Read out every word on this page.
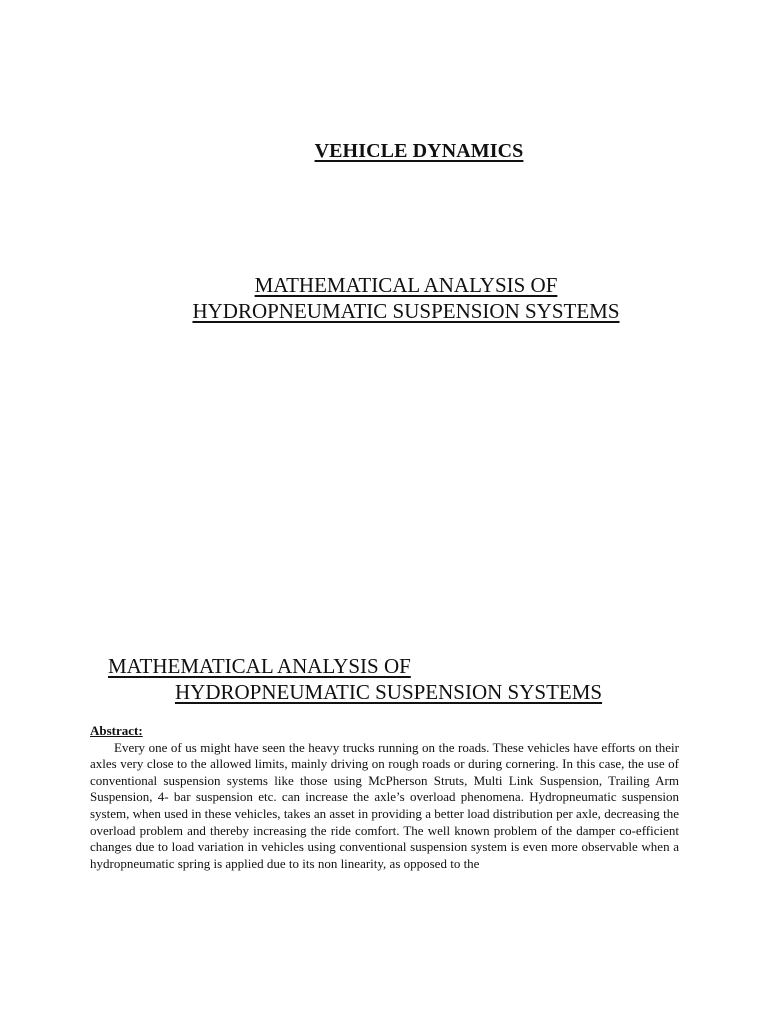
VEHICLE DYNAMICS
MATHEMATICAL ANALYSIS OF
HYDROPNEUMATIC SUSPENSION SYSTEMS
MATHEMATICAL ANALYSIS OF
HYDROPNEUMATIC SUSPENSION SYSTEMS
Abstract:

Every one of us might have seen the heavy trucks running on the roads. These vehicles have efforts on their axles very close to the allowed limits, mainly driving on rough roads or during cornering. In this case, the use of conventional suspension systems like those using McPherson Struts, Multi Link Suspension, Trailing Arm Suspension, 4- bar suspension etc. can increase the axle’s overload phenomena. Hydropneumatic suspension system, when used in these vehicles, takes an asset in providing a better load distribution per axle, decreasing the overload problem and thereby increasing the ride comfort. The well known problem of the damper co-efficient changes due to load variation in vehicles using conventional suspension system is even more observable when a hydropneumatic spring is applied due to its non linearity, as opposed to the
